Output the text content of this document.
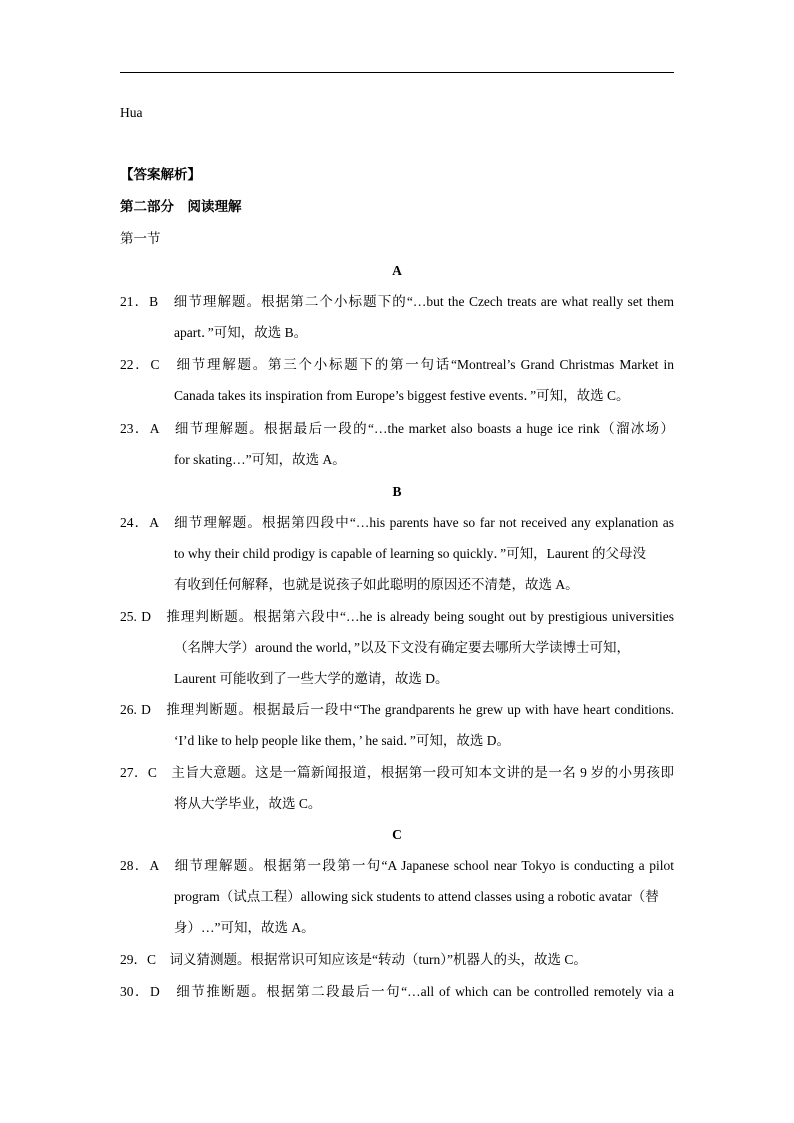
Hua
【答案解析】
第二部分　阅读理解
第一节
A
21．B　细节理解题。根据第二个小标题下的“…but the Czech treats are what really set them
apart．”可知，故选 B。
22．C　细节理解题。第三个小标题下的第一句话“Montreal’s Grand Christmas Market in
Canada takes its inspiration from Europe’s biggest festive events．”可知，故选 C。
23．A　细节理解题。根据最后一段的“…the market also boasts a huge ice rink（溜冰场）
for skating…”可知，故选 A。
B
24．A　细节理解题。根据第四段中“…his parents have so far not received any explanation as
to why their child prodigy is capable of learning so quickly．”可知，Laurent 的父母没
有收到任何解释，也就是说孩子如此聪明的原因还不清楚，故选 A。
25. D　推理判断题。根据第六段中“…he is already being sought out by prestigious universities
（名牌大学）around the world，”以及下文没有确定要去哪所大学读博士可知，
Laurent 可能收到了一些大学的邀请，故选 D。
26. D　推理判断题。根据最后一段中“The grandparents he grew up with have heart conditions.
‘I’d like to help people like them，’ he said．”可知，故选 D。
27．C　主旨大意题。这是一篇新闻报道，根据第一段可知本文讲的是一名 9 岁的小男孩即
将从大学毕业，故选 C。
C
28．A　细节理解题。根据第一段第一句“A Japanese school near Tokyo is conducting a pilot
program（试点工程）allowing sick students to attend classes using a robotic avatar（替
身）…”可知，故选 A。
29．C　词义猜测题。根据常识可知应该是“转动（turn）”机器人的头，故选 C。
30．D　细节推断题。根据第二段最后一句“…all of which can be controlled remotely via a
